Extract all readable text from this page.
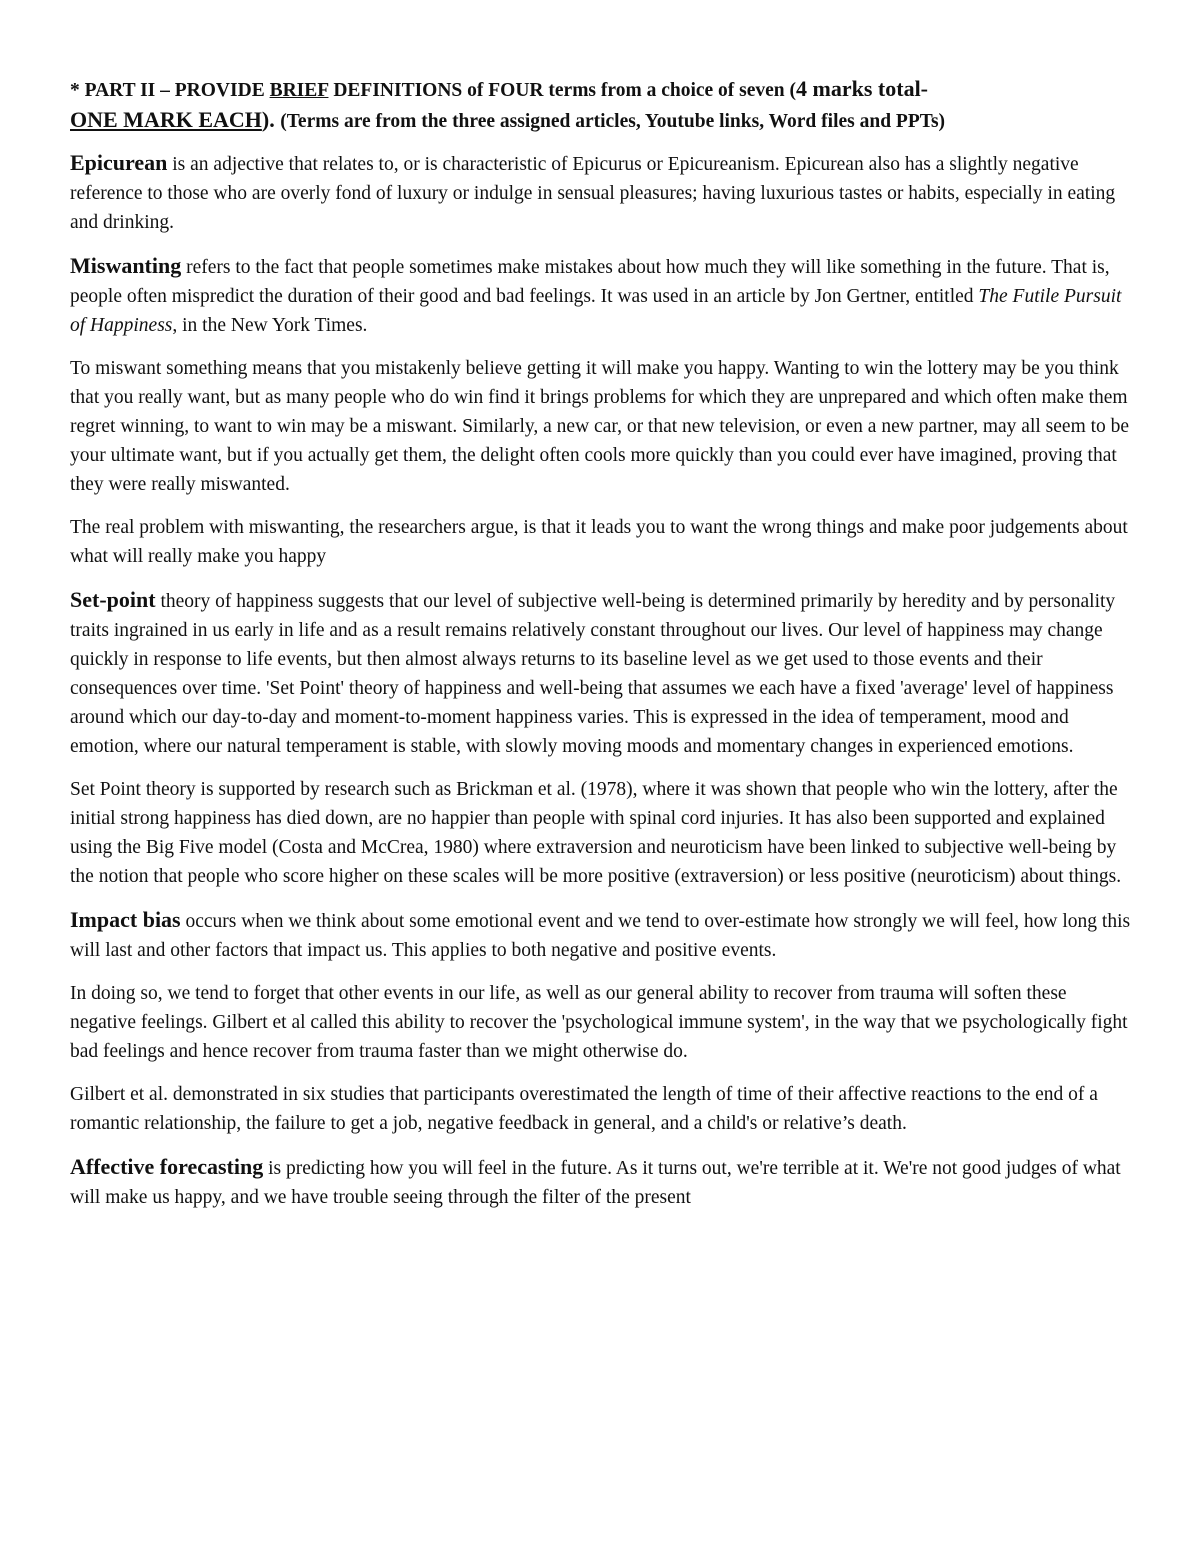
* PART II – PROVIDE BRIEF DEFINITIONS of FOUR terms from a choice of seven (4 marks total-
ONE MARK EACH). (Terms are from the three assigned articles, Youtube links, Word files and PPTs)

Epicurean is an adjective that relates to, or is characteristic of Epicurus or Epicureanism. Epicurean also has a slightly negative reference to those who are overly fond of luxury or indulge in sensual pleasures; having luxurious tastes or habits, especially in eating and drinking.

Miswanting refers to the fact that people sometimes make mistakes about how much they will like something in the future. That is, people often mispredict the duration of their good and bad feelings. It was used in an article by Jon Gertner, entitled The Futile Pursuit of Happiness, in the New York Times.

To miswant something means that you mistakenly believe getting it will make you happy. Wanting to win the lottery may be you think that you really want, but as many people who do win find it brings problems for which they are unprepared and which often make them regret winning, to want to win may be a miswant. Similarly, a new car, or that new television, or even a new partner, may all seem to be your ultimate want, but if you actually get them, the delight often cools more quickly than you could ever have imagined, proving that they were really miswanted.

The real problem with miswanting, the researchers argue, is that it leads you to want the wrong things and make poor judgements about what will really make you happy

Set-point theory of happiness suggests that our level of subjective well-being is determined primarily by heredity and by personality traits ingrained in us early in life and as a result remains relatively constant throughout our lives. Our level of happiness may change quickly in response to life events, but then almost always returns to its baseline level as we get used to those events and their consequences over time. 'Set Point' theory of happiness and well-being that assumes we each have a fixed 'average' level of happiness around which our day-to-day and moment-to-moment happiness varies. This is expressed in the idea of temperament, mood and emotion, where our natural temperament is stable, with slowly moving moods and momentary changes in experienced emotions.

Set Point theory is supported by research such as Brickman et al. (1978), where it was shown that people who win the lottery, after the initial strong happiness has died down, are no happier than people with spinal cord injuries. It has also been supported and explained using the Big Five model (Costa and McCrea, 1980) where extraversion and neuroticism have been linked to subjective well-being by the notion that people who score higher on these scales will be more positive (extraversion) or less positive (neuroticism) about things.

Impact bias occurs when we think about some emotional event and we tend to over-estimate how strongly we will feel, how long this will last and other factors that impact us. This applies to both negative and positive events.

In doing so, we tend to forget that other events in our life, as well as our general ability to recover from trauma will soften these negative feelings. Gilbert et al called this ability to recover the 'psychological immune system', in the way that we psychologically fight bad feelings and hence recover from trauma faster than we might otherwise do.

Gilbert et al. demonstrated in six studies that participants overestimated the length of time of their affective reactions to the end of a romantic relationship, the failure to get a job, negative feedback in general, and a child's or relative’s death.

Affective forecasting is predicting how you will feel in the future. As it turns out, we're terrible at it. We're not good judges of what will make us happy, and we have trouble seeing through the filter of the present
